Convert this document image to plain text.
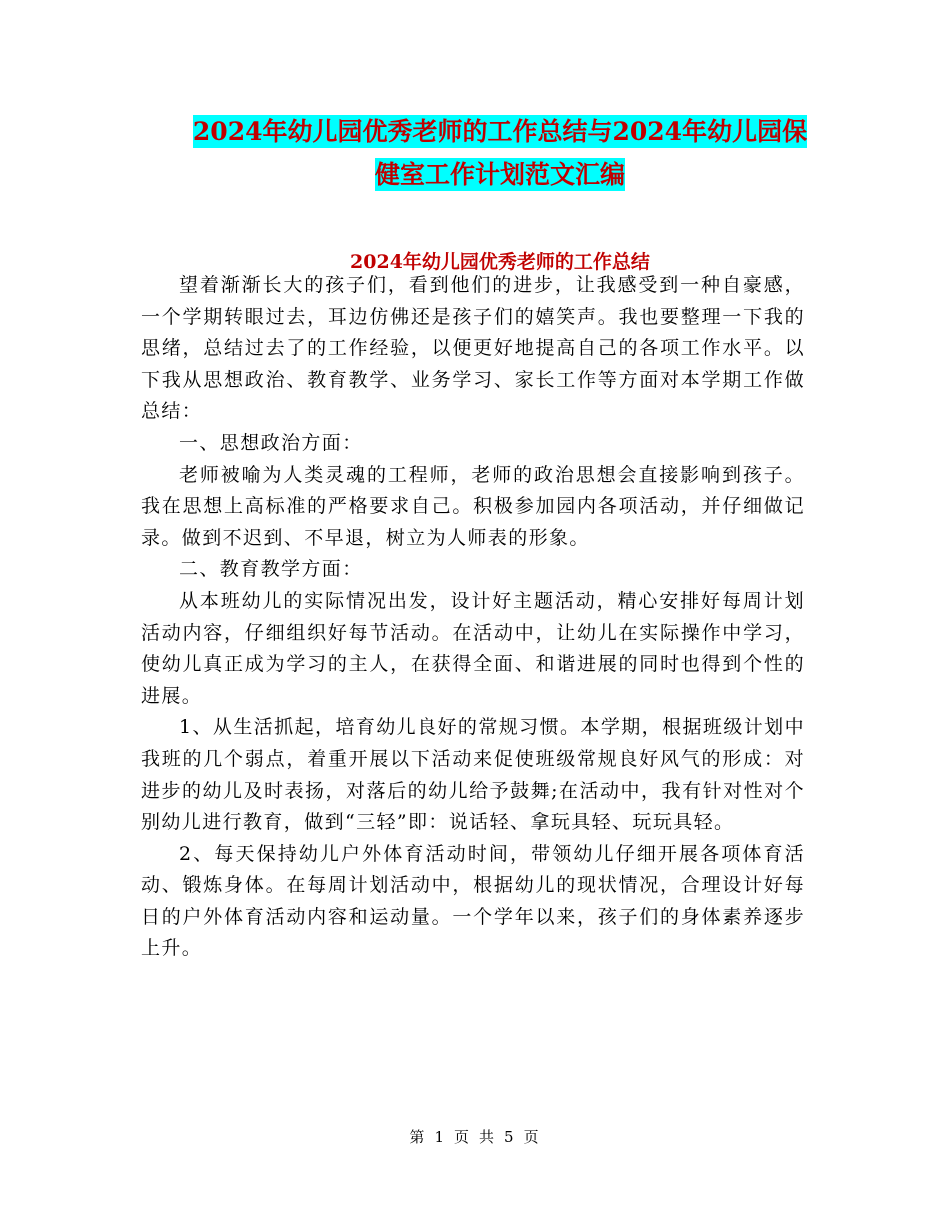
2024年幼儿园优秀老师的工作总结与2024年幼儿园保
健室工作计划范文汇编
2024年幼儿园优秀老师的工作总结

望着渐渐长大的孩子们，看到他们的进步，让我感受到一种自豪感，一个学期转眼过去，耳边仿佛还是孩子们的嬉笑声。我也要整理一下我的思绪，总结过去了的工作经验，以便更好地提高自己的各项工作水平。以下我从思想政治、教育教学、业务学习、家长工作等方面对本学期工作做总结：

一、思想政治方面：

老师被喻为人类灵魂的工程师，老师的政治思想会直接影响到孩子。我在思想上高标准的严格要求自己。积极参加园内各项活动，并仔细做记录。做到不迟到、不早退，树立为人师表的形象。

二、教育教学方面：

从本班幼儿的实际情况出发，设计好主题活动，精心安排好每周计划活动内容，仔细组织好每节活动。在活动中，让幼儿在实际操作中学习，使幼儿真正成为学习的主人，在获得全面、和谐进展的同时也得到个性的进展。

1、从生活抓起，培育幼儿良好的常规习惯。本学期，根据班级计划中我班的几个弱点，着重开展以下活动来促使班级常规良好风气的形成：对进步的幼儿及时表扬，对落后的幼儿给予鼓舞;在活动中，我有针对性对个别幼儿进行教育，做到“三轻”即：说话轻、拿玩具轻、玩玩具轻。

2、每天保持幼儿户外体育活动时间，带领幼儿仔细开展各项体育活动、锻炼身体。在每周计划活动中，根据幼儿的现状情况，合理设计好每日的户外体育活动内容和运动量。一个学年以来，孩子们的身体素养逐步上升。

第 1 页 共 5 页
